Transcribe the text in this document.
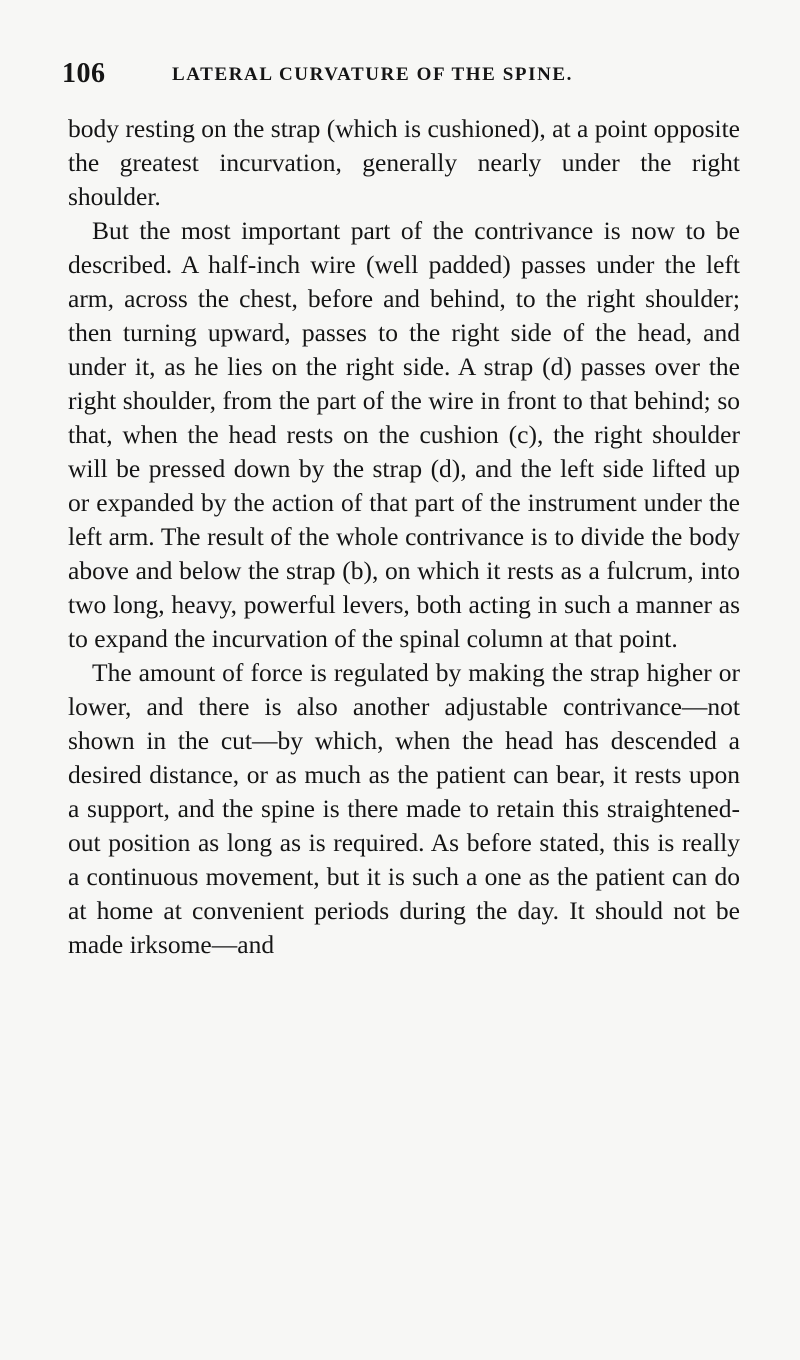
106	LATERAL CURVATURE OF THE SPINE.

body resting on the strap (which is cushioned), at a point opposite the greatest incurvation, generally nearly under the right shoulder.

But the most important part of the contrivance is now to be described. A half-inch wire (well padded) passes under the left arm, across the chest, before and behind, to the right shoulder; then turning upward, passes to the right side of the head, and under it, as he lies on the right side. A strap (d) passes over the right shoulder, from the part of the wire in front to that behind; so that, when the head rests on the cushion (c), the right shoulder will be pressed down by the strap (d), and the left side lifted up or expanded by the action of that part of the instrument under the left arm. The result of the whole contrivance is to divide the body above and below the strap (b), on which it rests as a fulcrum, into two long, heavy, powerful levers, both acting in such a manner as to expand the incurvation of the spinal column at that point.

The amount of force is regulated by making the strap higher or lower, and there is also another adjustable contrivance—not shown in the cut—by which, when the head has descended a desired distance, or as much as the patient can bear, it rests upon a support, and the spine is there made to retain this straightened-out position as long as is required. As before stated, this is really a continuous movement, but it is such a one as the patient can do at home at convenient periods during the day. It should not be made irksome—and
